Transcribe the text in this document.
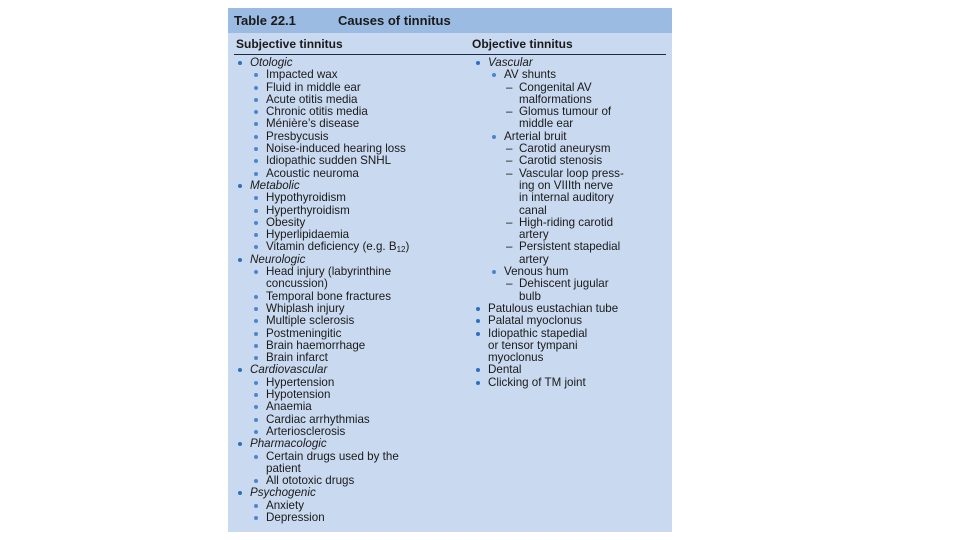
Table 22.1	Causes of tinnitus
Subjective tinnitus	Objective tinnitus
Otologic
Impacted wax
Fluid in middle ear
Acute otitis media
Chronic otitis media
Ménière’s disease
Presbycusis
Noise-induced hearing loss
Idiopathic sudden SNHL
Acoustic neuroma
Metabolic
Hypothyroidism
Hyperthyroidism
Obesity
Hyperlipidaemia
Vitamin deficiency (e.g. $B_{12}$)
Neurologic
Head injury (labyrinthine
concussion)
Temporal bone fractures
Whiplash injury
Multiple sclerosis
Postmeningitic
Brain haemorrhage
Brain infarct
Cardiovascular
Hypertension
Hypotension
Anaemia
Cardiac arrhythmias
Arteriosclerosis
Pharmacologic
Certain drugs used by the
patient
All ototoxic drugs
Psychogenic
Anxiety
Depression
Vascular
AV shunts
– Congenital AV
malformations
– Glomus tumour of
middle ear
Arterial bruit
– Carotid aneurysm
– Carotid stenosis
– Vascular loop press-
ing on VIIIth nerve
in internal auditory
canal
– High-riding carotid
artery
– Persistent stapedial
artery
Venous hum
– Dehiscent jugular
bulb
Patulous eustachian tube
Palatal myoclonus
Idiopathic stapedial
or tensor tympani
myoclonus
Dental
Clicking of TM joint
